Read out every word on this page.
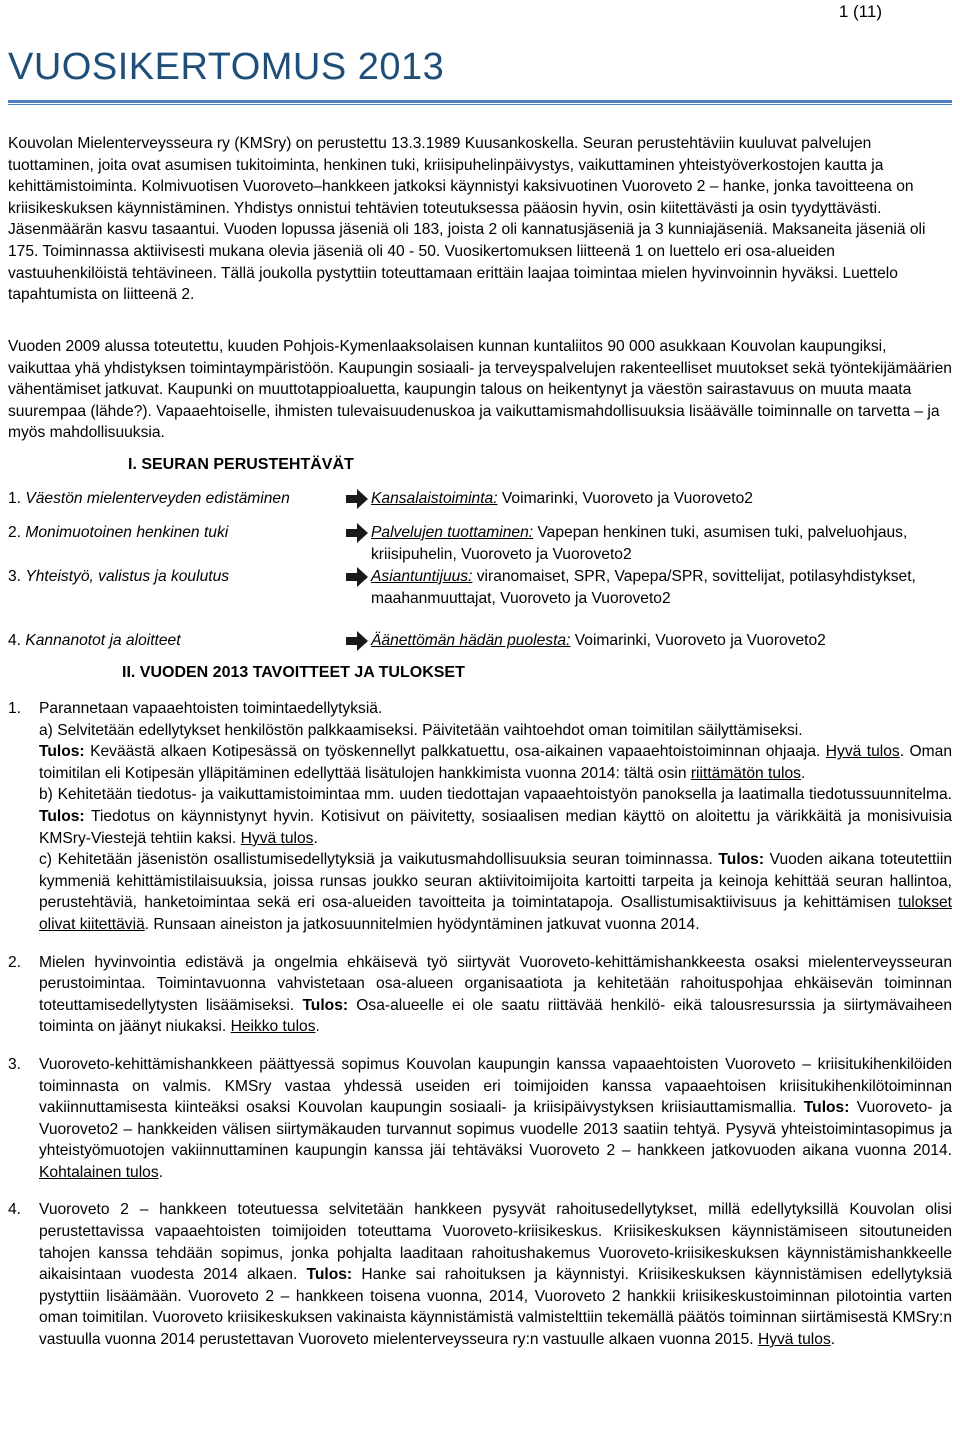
1 (11)
VUOSIKERTOMUS 2013

Kouvolan Mielenterveysseura ry (KMSry) on perustettu 13.3.1989 Kuusankoskella. Seuran perustehtäviin kuuluvat palvelujen tuottaminen, joita ovat asumisen tukitoiminta, henkinen tuki, kriisipuhelinpäivystys, vaikuttaminen yhteistyöverkostojen kautta ja kehittämistoiminta. Kolmivuotisen Vuoroveto–hankkeen jatkoksi käynnistyi kaksivuotinen Vuoroveto 2 – hanke, jonka tavoitteena on kriisikeskuksen käynnistäminen. Yhdistys onnistui tehtävien toteutuksessa pääosin hyvin, osin kiitettävästi ja osin tyydyttävästi. Jäsenmäärän kasvu tasaantui. Vuoden lopussa jäseniä oli 183, joista 2 oli kannatusjäseniä ja 3 kunniajäseniä. Maksaneita jäseniä oli 175. Toiminnassa aktiivisesti mukana olevia jäseniä oli 40 - 50. Vuosikertomuksen liitteenä 1 on luettelo eri osa-alueiden vastuuhenkilöistä tehtävineen. Tällä joukolla pystyttiin toteuttamaan erittäin laajaa toimintaa mielen hyvinvoinnin hyväksi. Luettelo tapahtumista on liitteenä 2.

Vuoden 2009 alussa toteutettu, kuuden Pohjois-Kymenlaaksolaisen kunnan kuntaliitos 90 000 asukkaan Kouvolan kaupungiksi, vaikuttaa yhä yhdistyksen toimintaympäristöön. Kaupungin sosiaali- ja terveyspalvelujen rakenteelliset muutokset sekä työntekijämäärien vähentämiset jatkuvat. Kaupunki on muuttotappioaluetta, kaupungin talous on heikentynyt ja väestön sairastavuus on muuta maata suurempaa (lähde?). Vapaaehtoiselle, ihmisten tulevaisuudenuskoa ja vaikuttamismahdollisuuksia lisäävälle toiminnalle on tarvetta – ja myös mahdollisuuksia.

I. SEURAN PERUSTEHTÄVÄT
1. Väestön mielenterveyden edistäminen	Kansalaistoiminta: Voimarinki, Vuoroveto ja Vuoroveto2
2. Monimuotoinen henkinen tuki	Palvelujen tuottaminen: Vapepan henkinen tuki, asumisen tuki, palveluohjaus, kriisipuhelin, Vuoroveto ja Vuoroveto2
3. Yhteistyö, valistus ja koulutus	Asiantuntijuus: viranomaiset, SPR, Vapepa/SPR, sovittelijat, potilasyhdistykset, maahanmuuttajat, Vuoroveto ja Vuoroveto2
4. Kannanotot ja aloitteet	Äänettömän hädän puolesta: Voimarinki, Vuoroveto ja Vuoroveto2
II. VUODEN 2013 TAVOITTEET JA TULOKSET
1. Parannetaan vapaaehtoisten toimintaedellytyksiä.

a) Selvitetään edellytykset henkilöstön palkkaamiseksi. Päivitetään vaihtoehdot oman toimitilan säilyttämiseksi.
Tulos: Keväästä alkaen Kotipesässä on työskennellyt palkkatuettu, osa-aikainen vapaaehtoistoiminnan ohjaaja. Hyvä tulos. Oman toimitilan eli Kotipesän ylläpitäminen edellyttää lisätulojen hankkimista vuonna 2014: tältä osin riittämätön tulos.

b) Kehitetään tiedotus- ja vaikuttamistoimintaa mm. uuden tiedottajan vapaaehtoistyön panoksella ja laatimalla tiedotussuunnitelma. Tulos: Tiedotus on käynnistynyt hyvin. Kotisivut on päivitetty, sosiaalisen median käyttö on aloitettu ja värikkäitä ja monisivuisia KMSry-Viestejä tehtiin kaksi. Hyvä tulos.

c) Kehitetään jäsenistön osallistumisedellytyksiä ja vaikutusmahdollisuuksia seuran toiminnassa. Tulos: Vuoden aikana toteutettiin kymmeniä kehittämistilaisuuksia, joissa runsas joukko seuran aktiivitoimijoita kartoitti tarpeita ja keinoja kehittää seuran hallintoa, perustehtäviä, hanketoimintaa sekä eri osa-alueiden tavoitteita ja toimintatapoja. Osallistumisaktiivisuus ja kehittämisen tulokset olivat kiitettäviä. Runsaan aineiston ja jatkosuunnitelmien hyödyntäminen jatkuvat vuonna 2014.

2. Mielen hyvinvointia edistävä ja ongelmia ehkäisevä työ siirtyvät Vuoroveto-kehittämishankkeesta osaksi mielenterveysseuran perustoimintaa. Toimintavuonna vahvistetaan osa-alueen organisaatiota ja kehitetään rahoituspohjaa ehkäisevän toiminnan toteuttamisedellytysten lisäämiseksi. Tulos: Osa-alueelle ei ole saatu riittävää henkilö- eikä talousresurssia ja siirtymävaiheen toiminta on jäänyt niukaksi. Heikko tulos.

3. Vuoroveto-kehittämishankkeen päättyessä sopimus Kouvolan kaupungin kanssa vapaaehtoisten Vuoroveto – kriisitukihenkilöiden toiminnasta on valmis. KMSry vastaa yhdessä useiden eri toimijoiden kanssa vapaaehtoisen kriisitukihenkilötoiminnan vakiinnuttamisesta kiinteäksi osaksi Kouvolan kaupungin sosiaali- ja kriisipäivystyksen kriisiauttamismallia. Tulos: Vuoroveto- ja Vuoroveto2 – hankkeiden välisen siirtymäkauden turvannut sopimus vuodelle 2013 saatiin tehtyä. Pysyvä yhteistoimintasopimus ja yhteistyömuotojen vakiinnuttaminen kaupungin kanssa jäi tehtäväksi Vuoroveto 2 – hankkeen jatkovuoden aikana vuonna 2014. Kohtalainen tulos.

4. Vuoroveto 2 – hankkeen toteutuessa selvitetään hankkeen pysyvät rahoitusedellytykset, millä edellytyksillä Kouvolan olisi perustettavissa vapaaehtoisten toimijoiden toteuttama Vuoroveto-kriisikeskus. Kriisikeskuksen käynnistämiseen sitoutuneiden tahojen kanssa tehdään sopimus, jonka pohjalta laaditaan rahoitushakemus Vuoroveto-kriisikeskuksen käynnistämishankkeelle aikaisintaan vuodesta 2014 alkaen. Tulos: Hanke sai rahoituksen ja käynnistyi. Kriisikeskuksen käynnistämisen edellytyksiä pystyttiin lisäämään. Vuoroveto 2 – hankkeen toisena vuonna, 2014, Vuoroveto 2 hankkii kriisikeskustoiminnan pilotointia varten oman toimitilan. Vuoroveto kriisikeskuksen vakinaista käynnistämistä valmistelttiin tekemällä päätös toiminnan siirtämisestä KMSry:n vastuulla vuonna 2014 perustettavan Vuoroveto mielenterveysseura ry:n vastuulle alkaen vuonna 2015. Hyvä tulos.
